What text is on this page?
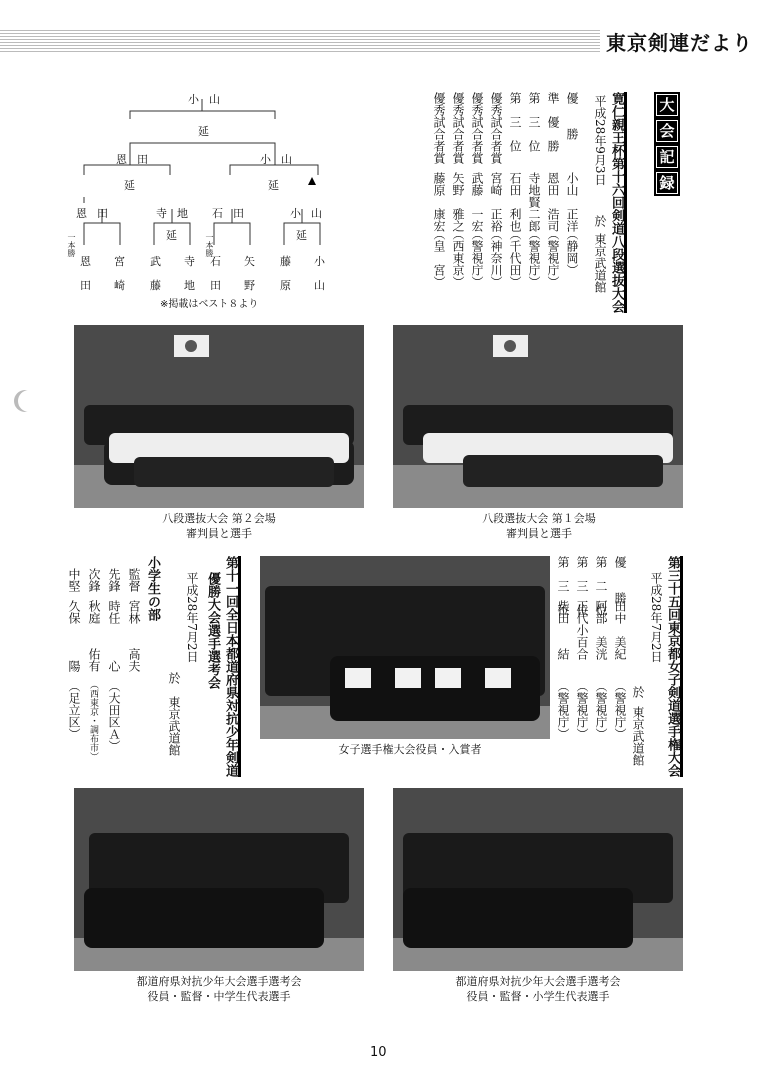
東京剣連だより
大
会
記
録
寛仁親王杯第十六回剣道八段選抜大会
平成28年9月3日
於
東京武道館
優　　勝
小山　正洋
（静岡）
準　優　勝
恩田　浩司
（警視庁）
第　三　位
寺地賢二郎
（警視庁）
第　三　位
石田　利也
（千代田）
優秀試合者賞
宮崎　正裕
（神奈川）
優秀試合者賞
武藤　一宏
（警視庁）
優秀試合者賞
矢野　雅之
（西東京）
優秀試合者賞
藤原　康宏
（皇　宮）
小山
延
恩田	小山
延	延
恩田	寺地 石田	小山
延	延
一本勝	一本勝
恩
田
宮
崎
武
藤
寺
地
石
田
矢
野
藤
原
小
山
※掲載はベスト８より
八段選抜大会 第２会場
審判員と選手
八段選抜大会 第１会場
審判員と選手
第十一回全日本都道府県対抗少年剣道
優勝大会選手選考会
平成28年7月2日
於
東京武道館
小学生の部
監督
宮林　　高夫
先鋒
時任　　　心
（大田区Ａ）
次鋒
秋庭　　佑有
（西東京・調布市）
中堅
久保　　　陽
（足立区）
女子選手権大会役員・入賞者	第三十五回東京都女子剣道選手権大会
平成28年7月2日
於
東京武道館
優　　勝
田中　美紀
（警視庁）
第　二　位
阿部　美洸
（警視庁）
第　三　位
正代小百合
（警視庁）
第　三　位
柴田　　結
（警視庁）
都道府県対抗少年大会選手選考会
役員・監督・中学生代表選手
都道府県対抗少年大会選手選考会
役員・監督・小学生代表選手
10
